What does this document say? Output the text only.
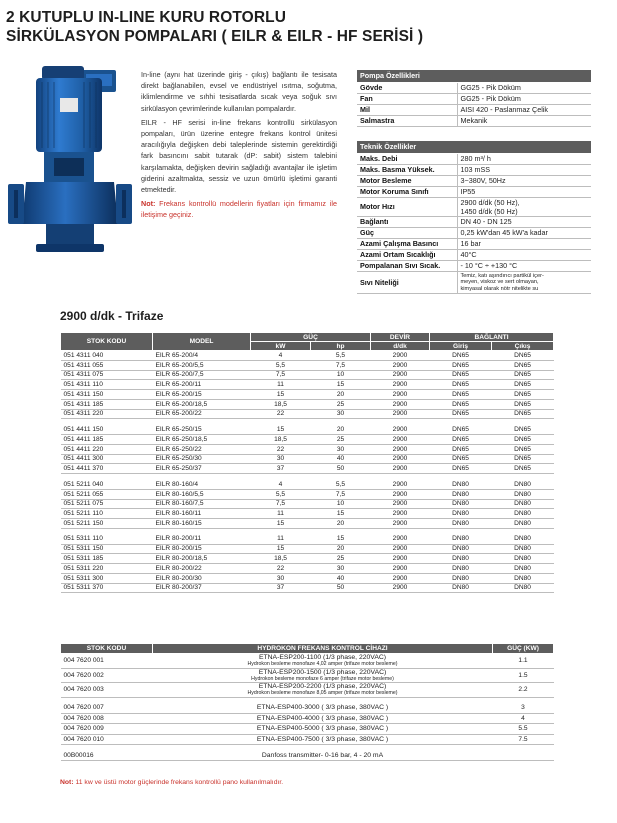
2 KUTUPLU IN-LINE KURU ROTORLU
SİRKÜLASYON POMPALARI ( EILR & EILR - HF SERİSİ )

In-line (aynı hat üzerinde giriş - çıkış) bağlantı ile tesisata direkt bağlanabilen, evsel ve endüstriyel ısıtma, soğutma, iklimlendirme ve sıhhi tesisatlarda sıcak veya soğuk sıvı sirkülasyon çevrimlerinde kullanılan pompalardır.

EILR - HF serisi in-line frekans kontrollü sirkülasyon pompaları, ürün üzerine entegre frekans kontrol ünitesi aracılığıyla değişken debi taleplerinde sistemin gerektirdiği fark basıncını sabit tutarak (dP: sabit) sistem talebini karşılamakta, değişken devirin sağladığı avantajlar ile işletim giderini azaltmakta, sessiz ve uzun ömürlü işletimi garanti etmektedir.

Not: Frekans kontrollü modellerin fiyatları için firmamız ile iletişime geçiniz.

Pompa Özellikleri	
Gövde	GG25 - Pik Döküm

Fan	GG25 - Pik Döküm

Mil	AISI 420 - Paslanmaz Çelik

Salmastra	Mekanik
Teknik Özellikler	
Maks. Debi	280 m³/ h

Maks. Basma Yüksek.	103 mSS

Motor Besleme	3~380V, 50Hz

Motor Koruma Sınıfı	IP55

Motor Hızı	2900 d/dk (50 Hz),
1450 d/dk (50 Hz)

Bağlantı	DN 40 - DN 125

Güç	0,25 kW'dan 45 kW'a kadar

Azami Çalışma Basıncı	16 bar

Azami Ortam Sıcaklığı	40°C

Pompalanan Sıvı Sıcak.	- 10 °C ÷ +130 °C

Sıvı Niteliği	Temiz, katı aşındırıcı partikül içer-
meyen, viskoz ve sert olmayan,
kimyasal olarak nötr nitelikte su
2900 d/dk - Trifaze
STOK KODU	MODEL	GÜÇ		DEVİR	BAĞLANTI	
		kW	hp	d/dk	Giriş	Çıkış
051 4311 040	EILR 65-200/4	4	5,5	2900	DN65	DN65
051 4311 055	EILR 65-200/5,5	5,5	7,5	2900	DN65	DN65
051 4311 075	EILR 65-200/7,5	7,5	10	2900	DN65	DN65
051 4311 110	EILR 65-200/11	11	15	2900	DN65	DN65
051 4311 150	EILR 65-200/15	15	20	2900	DN65	DN65
051 4311 185	EILR 65-200/18,5	18,5	25	2900	DN65	DN65
051 4311 220	EILR 65-200/22	22	30	2900	DN65	DN65

051 4411 150	EILR 65-250/15	15	20	2900	DN65	DN65
051 4411 185	EILR 65-250/18,5	18,5	25	2900	DN65	DN65
051 4411 220	EILR 65-250/22	22	30	2900	DN65	DN65
051 4411 300	EILR 65-250/30	30	40	2900	DN65	DN65
051 4411 370	EILR 65-250/37	37	50	2900	DN65	DN65

051 5211 040	EILR 80-160/4	4	5,5	2900	DN80	DN80
051 5211 055	EILR 80-160/5,5	5,5	7,5	2900	DN80	DN80
051 5211 075	EILR 80-160/7,5	7,5	10	2900	DN80	DN80
051 5211 110	EILR 80-160/11	11	15	2900	DN80	DN80
051 5211 150	EILR 80-160/15	15	20	2900	DN80	DN80

051 5311 110	EILR 80-200/11	11	15	2900	DN80	DN80
051 5311 150	EILR 80-200/15	15	20	2900	DN80	DN80
051 5311 185	EILR 80-200/18,5	18,5	25	2900	DN80	DN80
051 5311 220	EILR 80-200/22	22	30	2900	DN80	DN80
051 5311 300	EILR 80-200/30	30	40	2900	DN80	DN80
051 5311 370	EILR 80-200/37	37	50	2900	DN80	DN80
STOK KODU	HYDROKON FREKANS KONTROL CİHAZI	GÜÇ (KW)
004 7620 001	ETNA-ESP200-1100 (1/3 phase, 220VAC)
Hydrokon besleme monofaze 4,02 amper (trifaze motor besleme)	1.1
004 7620 002	ETNA-ESP200-1500 (1/3 phase, 220VAC)
Hydrokon besleme monofaze 6 amper (trifaze motor besleme)	1.5
004 7620 003	ETNA-ESP200-2200 (1/3 phase, 220VAC)
Hydrokon besleme monofaze 8,05 amper (trifaze motor besleme)	2.2

004 7620 007	ETNA-ESP400-3000 ( 3/3 phase, 380VAC )	3
004 7620 008	ETNA-ESP400-4000 ( 3/3 phase, 380VAC )	4
004 7620 009	ETNA-ESP400-5000 ( 3/3 phase, 380VAC )	5.5
004 7620 010	ETNA-ESP400-7500 ( 3/3 phase, 380VAC )	7.5

00B00016	Danfoss transmitter- 0-16 bar, 4 - 20 mA	

Not: 11 kw ve üstü motor güçlerinde frekans kontrollü pano kullanılmalıdır.
